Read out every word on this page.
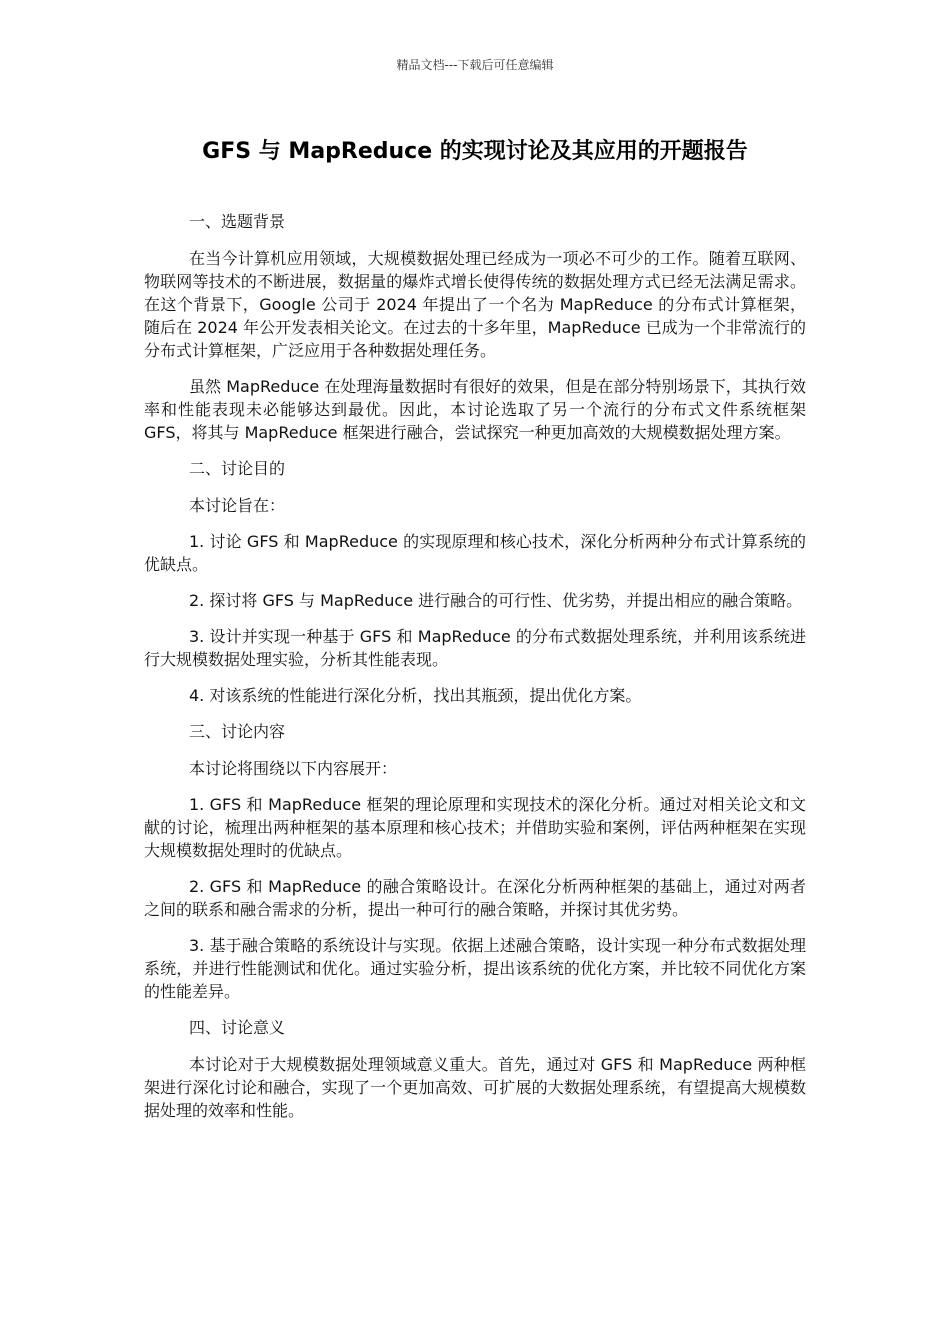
精品文档---下载后可任意编辑
GFS 与 MapReduce 的实现讨论及其应用的开题报告

一、选题背景

在当今计算机应用领域，大规模数据处理已经成为一项必不可少的工作。随着互联网、物联网等技术的不断进展，数据量的爆炸式增长使得传统的数据处理方式已经无法满足需求。在这个背景下，Google 公司于 2024 年提出了一个名为 MapReduce 的分布式计算框架，随后在 2024 年公开发表相关论文。在过去的十多年里，MapReduce 已成为一个非常流行的分布式计算框架，广泛应用于各种数据处理任务。

虽然 MapReduce 在处理海量数据时有很好的效果，但是在部分特别场景下，其执行效率和性能表现未必能够达到最优。因此，本讨论选取了另一个流行的分布式文件系统框架 GFS，将其与 MapReduce 框架进行融合，尝试探究一种更加高效的大规模数据处理方案。

二、讨论目的

本讨论旨在：

1. 讨论 GFS 和 MapReduce 的实现原理和核心技术，深化分析两种分布式计算系统的优缺点。

2. 探讨将 GFS 与 MapReduce 进行融合的可行性、优劣势，并提出相应的融合策略。

3. 设计并实现一种基于 GFS 和 MapReduce 的分布式数据处理系统，并利用该系统进行大规模数据处理实验，分析其性能表现。

4. 对该系统的性能进行深化分析，找出其瓶颈，提出优化方案。

三、讨论内容

本讨论将围绕以下内容展开：

1. GFS 和 MapReduce 框架的理论原理和实现技术的深化分析。通过对相关论文和文献的讨论，梳理出两种框架的基本原理和核心技术；并借助实验和案例，评估两种框架在实现大规模数据处理时的优缺点。

2. GFS 和 MapReduce 的融合策略设计。在深化分析两种框架的基础上，通过对两者之间的联系和融合需求的分析，提出一种可行的融合策略，并探讨其优劣势。

3. 基于融合策略的系统设计与实现。依据上述融合策略，设计实现一种分布式数据处理系统，并进行性能测试和优化。通过实验分析，提出该系统的优化方案，并比较不同优化方案的性能差异。

四、讨论意义

本讨论对于大规模数据处理领域意义重大。首先，通过对 GFS 和 MapReduce 两种框架进行深化讨论和融合，实现了一个更加高效、可扩展的大数据处理系统，有望提高大规模数据处理的效率和性能。
